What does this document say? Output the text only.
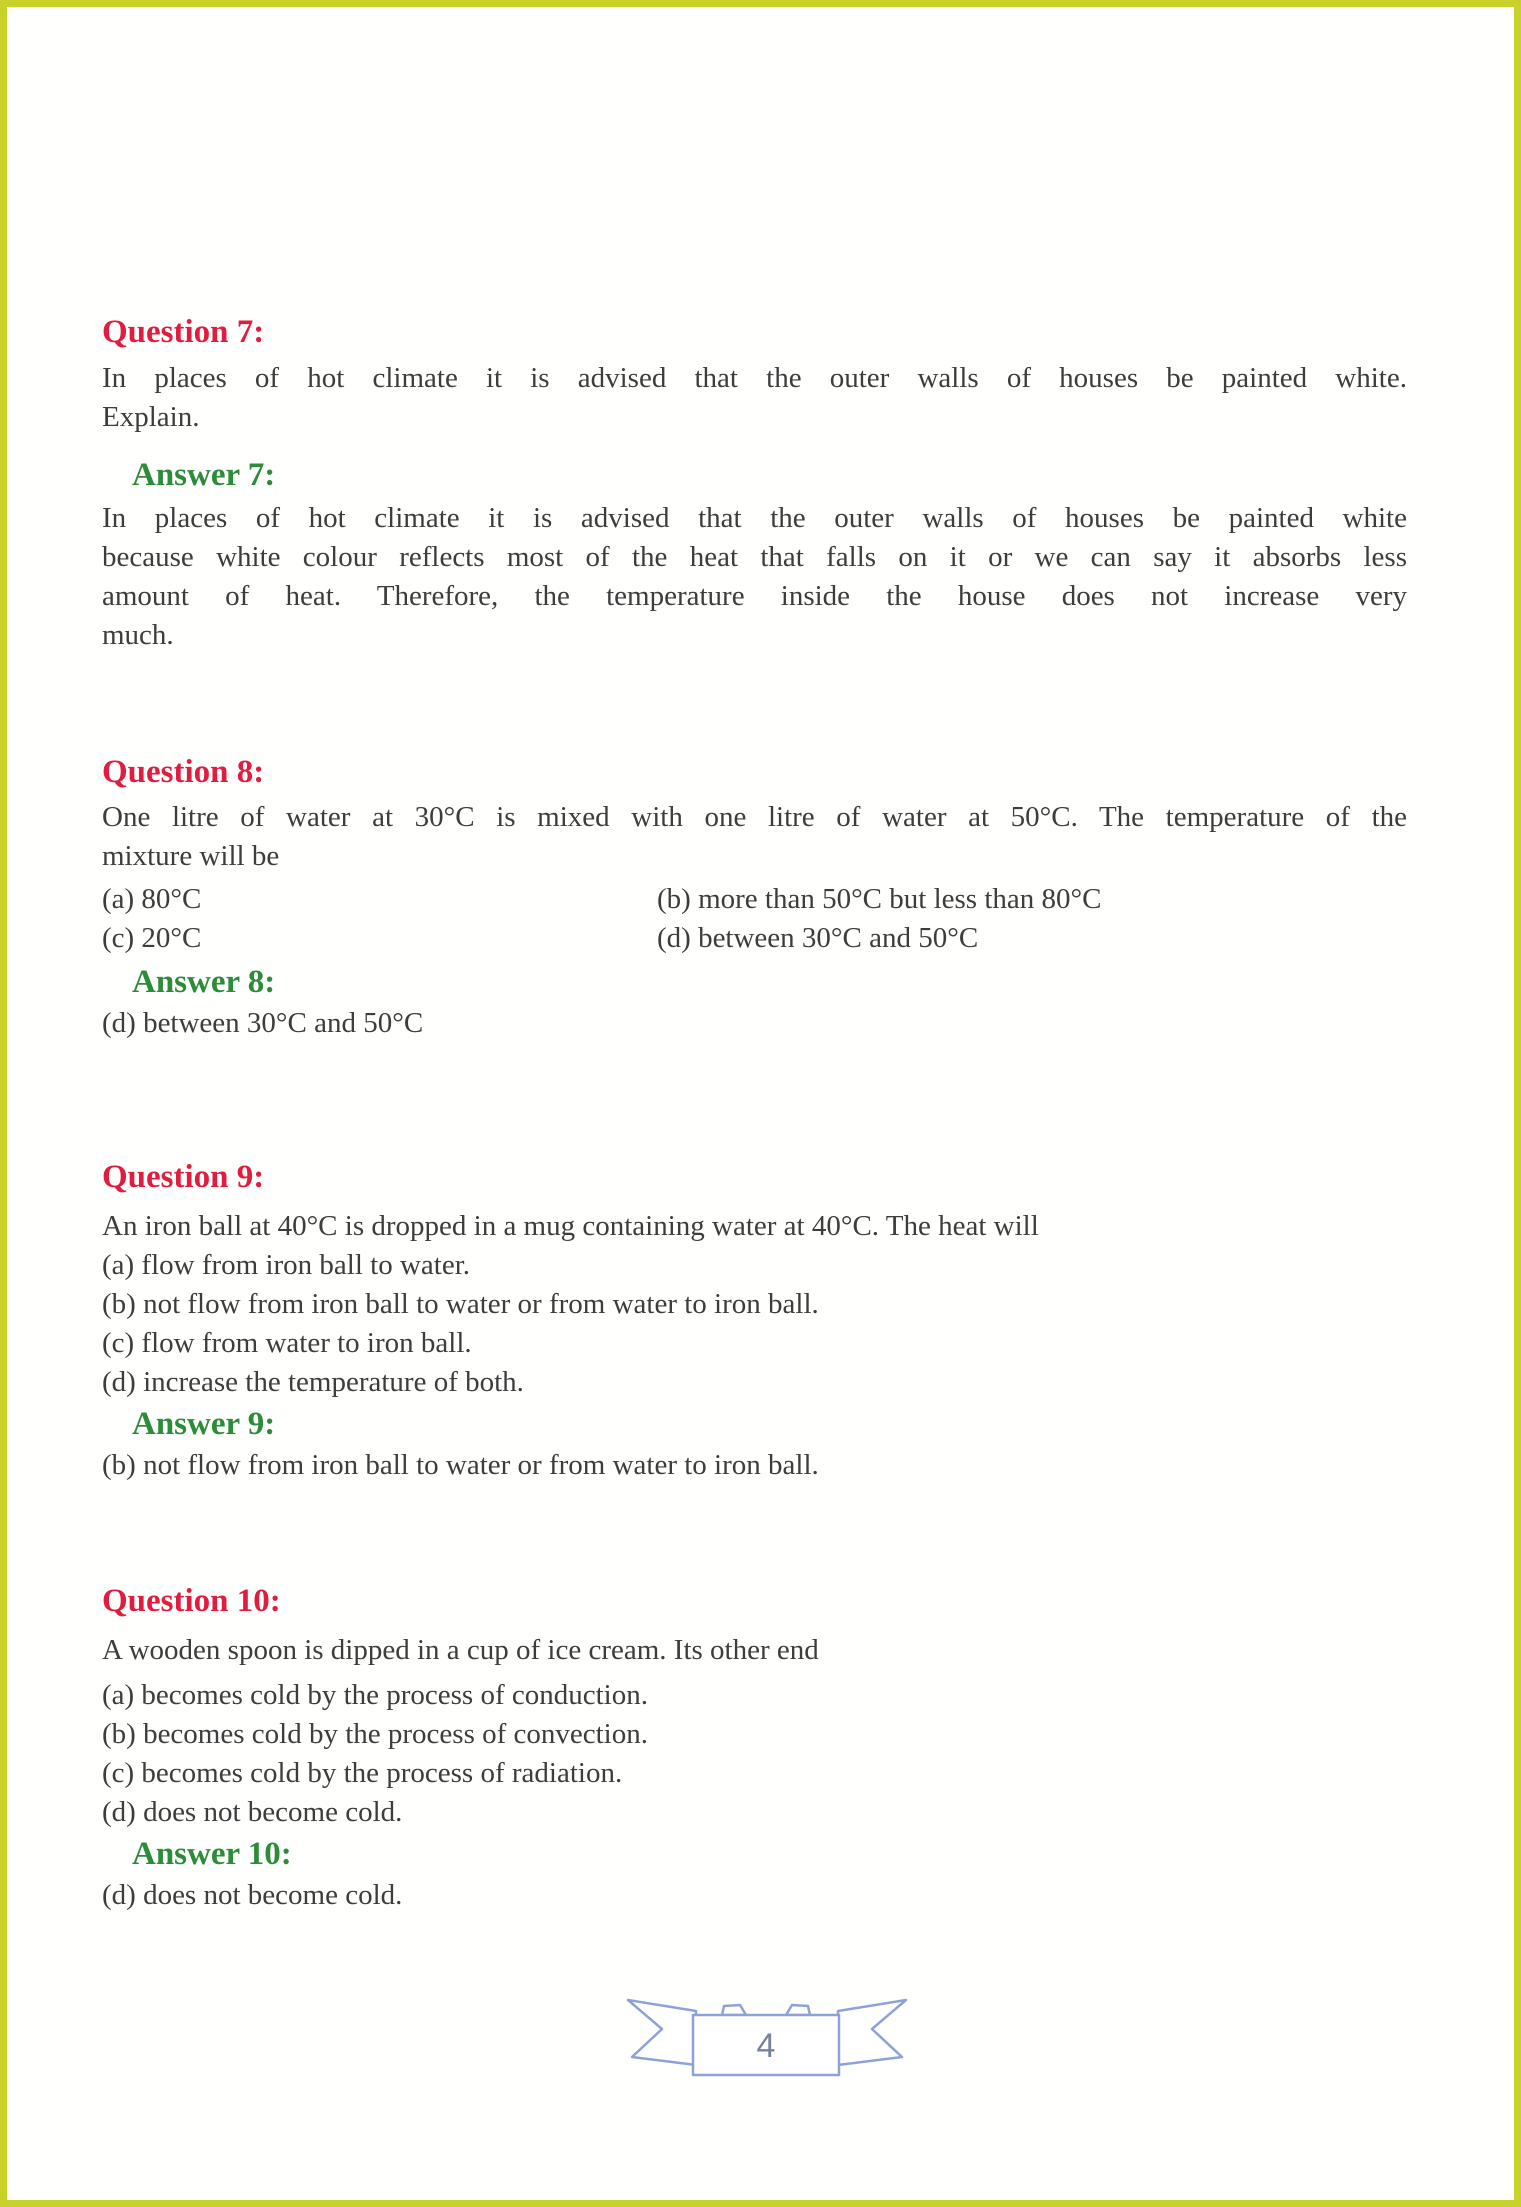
Question 7:
In places of hot climate it is advised that the outer walls of houses be painted white.
Explain.
Answer 7:
In places of hot climate it is advised that the outer walls of houses be painted white
because white colour reflects most of the heat that falls on it or we can say it absorbs less
amount of heat. Therefore, the temperature inside the house does not increase very
much.
Question 8:
One litre of water at 30°C is mixed with one litre of water at 50°C. The temperature of the
mixture will be
(a) 80°C	(b) more than 50°C but less than 80°C
(c) 20°C	(d) between 30°C and 50°C
Answer 8:
(d) between 30°C and 50°C
Question 9:
An iron ball at 40°C is dropped in a mug containing water at 40°C. The heat will
(a) flow from iron ball to water.
(b) not flow from iron ball to water or from water to iron ball.
(c) flow from water to iron ball.
(d) increase the temperature of both.
Answer 9:
(b) not flow from iron ball to water or from water to iron ball.
Question 10:
A wooden spoon is dipped in a cup of ice cream. Its other end
(a) becomes cold by the process of conduction.
(b) becomes cold by the process of convection.
(c) becomes cold by the process of radiation.
(d) does not become cold.
Answer 10:
(d) does not become cold.
4
